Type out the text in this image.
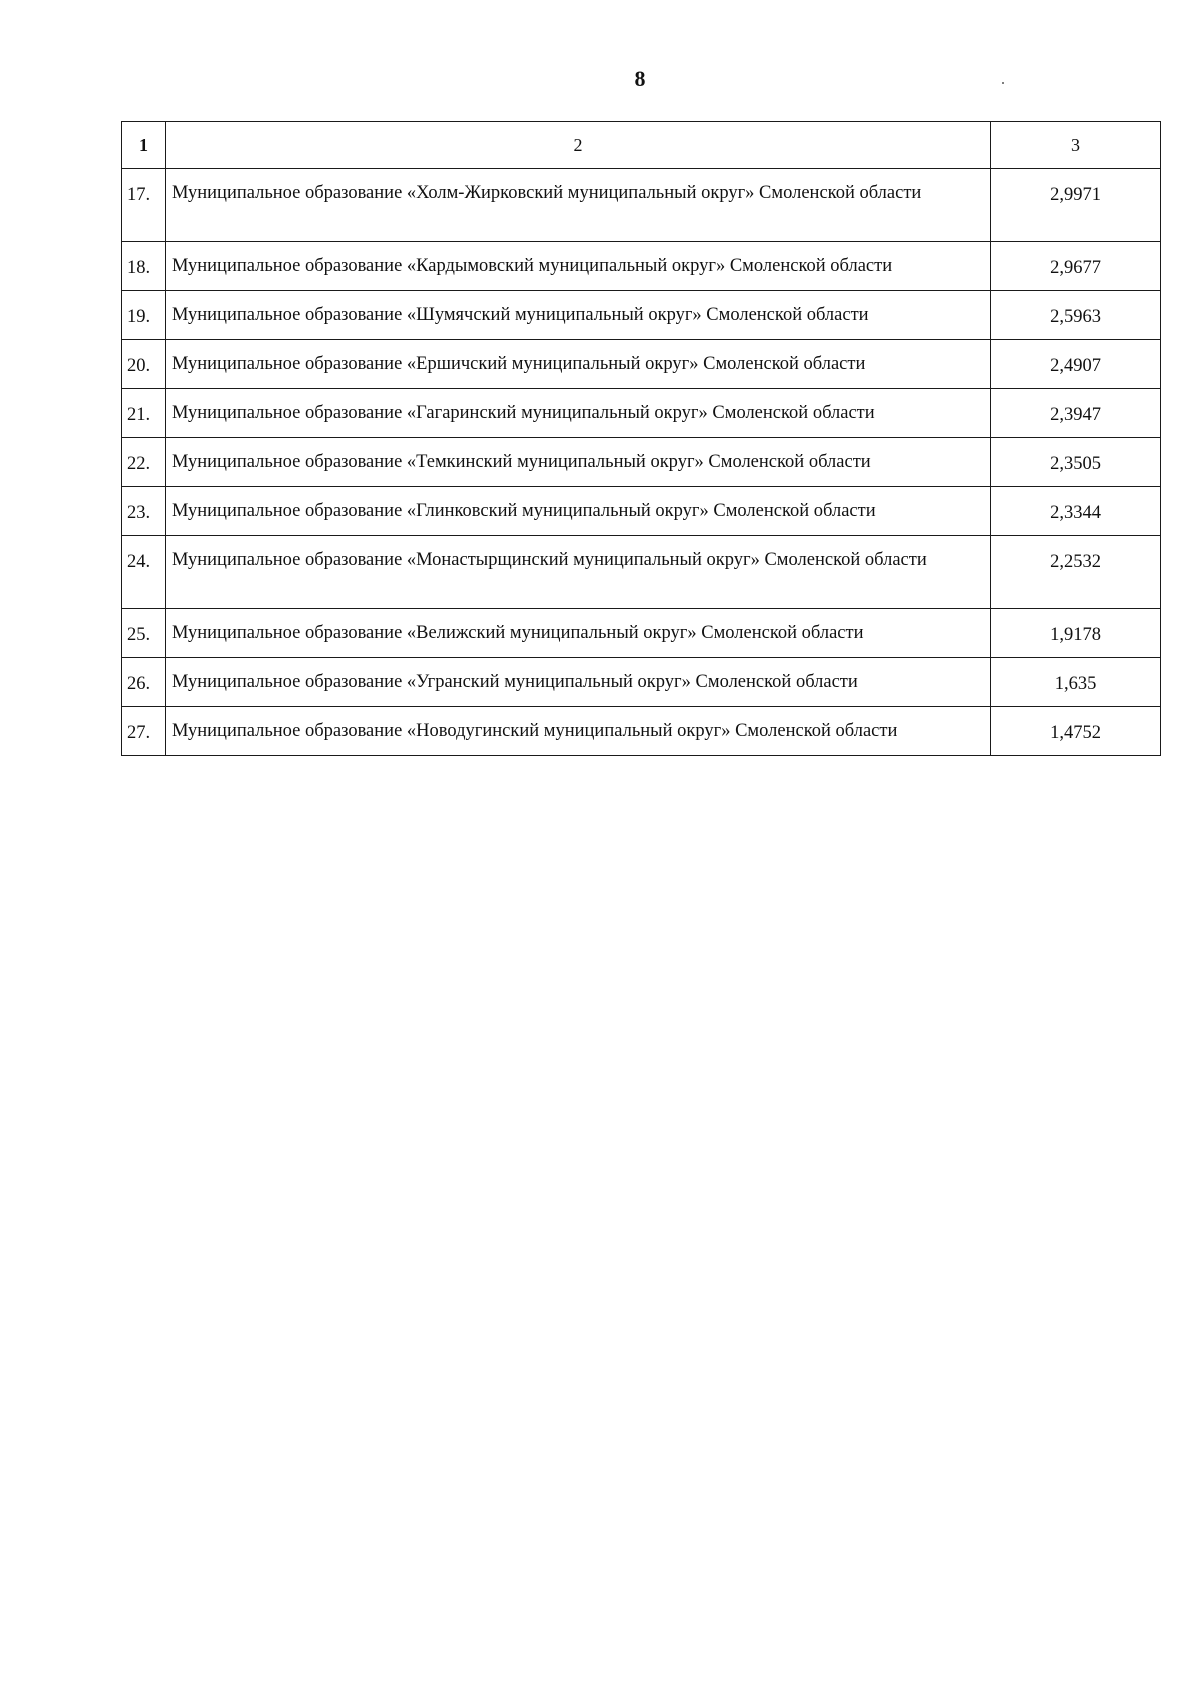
8
1	2	3
17.	Муниципальное образование «Холм-Жирковский муниципальный округ» Смоленской области	2,9971
18.	Муниципальное образование «Кардымовский муниципальный округ» Смоленской области	2,9677
19.	Муниципальное образование «Шумячский муниципальный округ» Смоленской области	2,5963
20.	Муниципальное образование «Ершичский муниципальный округ» Смоленской области	2,4907
21.	Муниципальное образование «Гагаринский муниципальный округ» Смоленской области	2,3947
22.	Муниципальное образование «Темкинский муниципальный округ» Смоленской области	2,3505
23.	Муниципальное образование «Глинковский муниципальный округ» Смоленской области	2,3344
24.	Муниципальное образование «Монастырщинский муниципальный округ» Смоленской области	2,2532
25.	Муниципальное образование «Велижский муниципальный округ» Смоленской области	1,9178
26.	Муниципальное образование «Угранский муниципальный округ» Смоленской области	1,635
27.	Муниципальное образование «Новодугинский муниципальный округ» Смоленской области	1,4752
